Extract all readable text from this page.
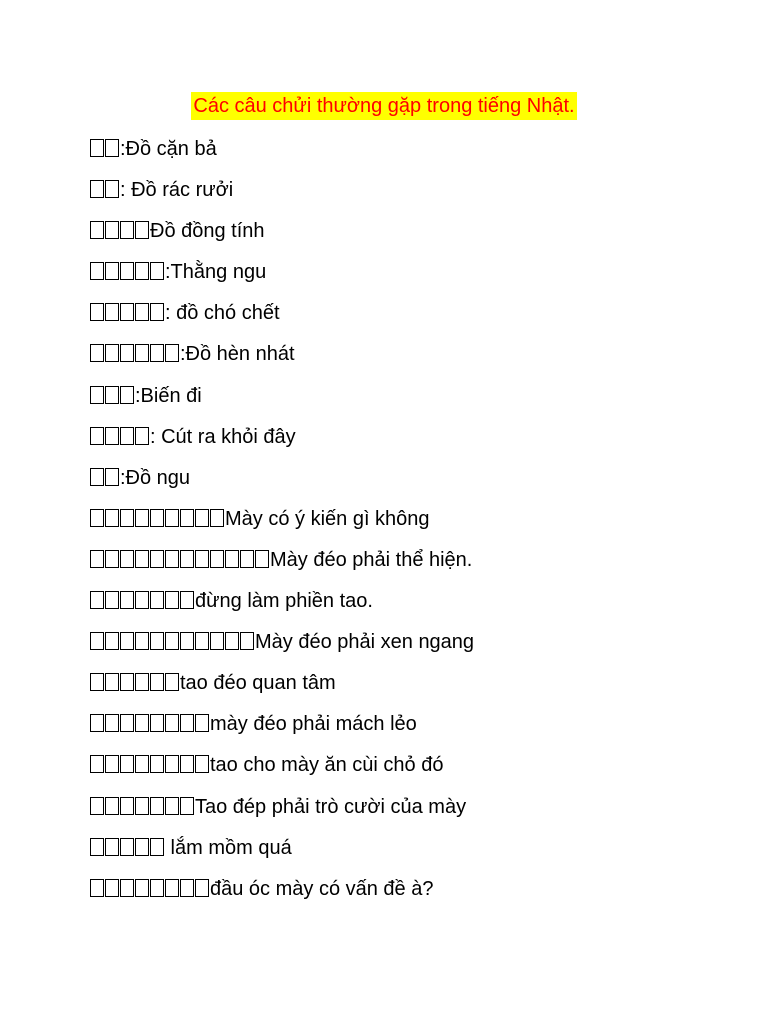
Các câu chửi thường gặp trong tiếng Nhật.
:Đồ cặn bả
: Đồ rác rưởi
Đồ đồng tính
:Thằng ngu
: đồ chó chết
:Đồ hèn nhát
:Biến đi
: Cút ra khỏi đây
:Đồ ngu
Mày có ý kiến gì không
Mày đéo phải thể hiện.
đừng làm phiền tao.
Mày đéo phải xen ngang
tao đéo quan tâm
mày đéo phải mách lẻo
tao cho mày ăn cùi chỏ đó
Tao đép phải trò cười của mày
lắm mồm quá
đầu óc mày có vấn đề à?
